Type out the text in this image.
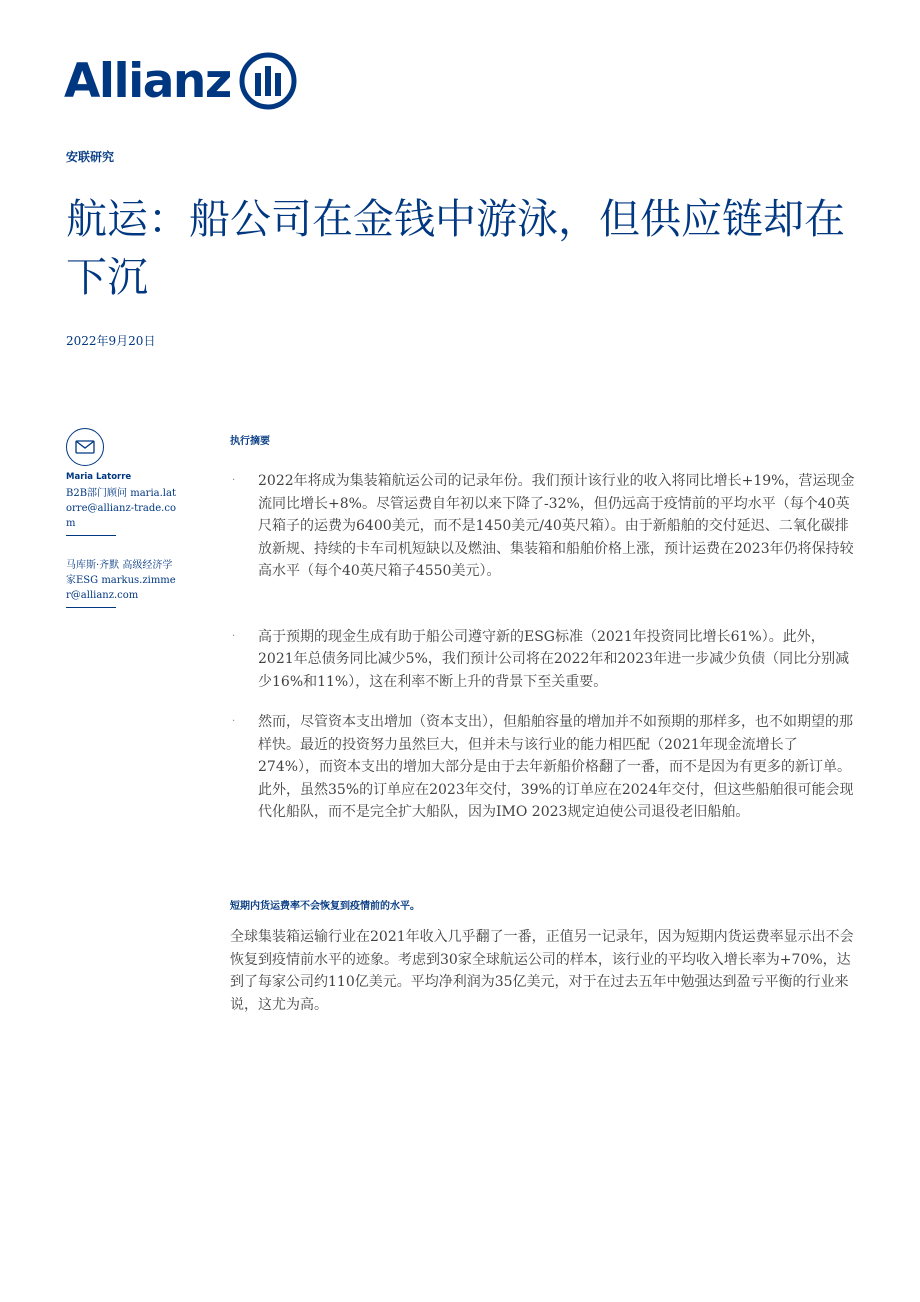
Allianz
安联研究
航运：船公司在金钱中游泳，但供应链却在下沉
2022年9月20日
Maria Latorre
B2B部门顾问 maria.latorre@allianz-trade.com
马库斯·齐默 高级经济学家ESG markus.zimmer@allianz.com
执行摘要
· 2022年将成为集装箱航运公司的记录年份。我们预计该行业的收入将同比增长+19%，营运现金流同比增长+8%。尽管运费自年初以来下降了-32%，但仍远高于疫情前的平均水平（每个40英尺箱子的运费为6400美元，而不是1450美元/40英尺箱）。由于新船舶的交付延迟、二氧化碳排放新规、持续的卡车司机短缺以及燃油、集装箱和船舶价格上涨，预计运费在2023年仍将保持较高水平（每个40英尺箱子4550美元）。
· 高于预期的现金生成有助于船公司遵守新的ESG标准（2021年投资同比增长61%）。此外，2021年总债务同比减少5%，我们预计公司将在2022年和2023年进一步减少负债（同比分别减少16%和11%），这在利率不断上升的背景下至关重要。
· 然而，尽管资本支出增加（资本支出），但船舶容量的增加并不如预期的那样多，也不如期望的那样快。最近的投资努力虽然巨大，但并未与该行业的能力相匹配（2021年现金流增长了274%），而资本支出的增加大部分是由于去年新船价格翻了一番，而不是因为有更多的新订单。此外，虽然35%的订单应在2023年交付，39%的订单应在2024年交付，但这些船舶很可能会现代化船队，而不是完全扩大船队，因为IMO 2023规定迫使公司退役老旧船舶。
短期内货运费率不会恢复到疫情前的水平。

全球集装箱运输行业在2021年收入几乎翻了一番，正值另一记录年，因为短期内货运费率显示出不会恢复到疫情前水平的迹象。考虑到30家全球航运公司的样本，该行业的平均收入增长率为+70%，达到了每家公司约110亿美元。平均净利润为35亿美元，对于在过去五年中勉强达到盈亏平衡的行业来说，这尤为高。
